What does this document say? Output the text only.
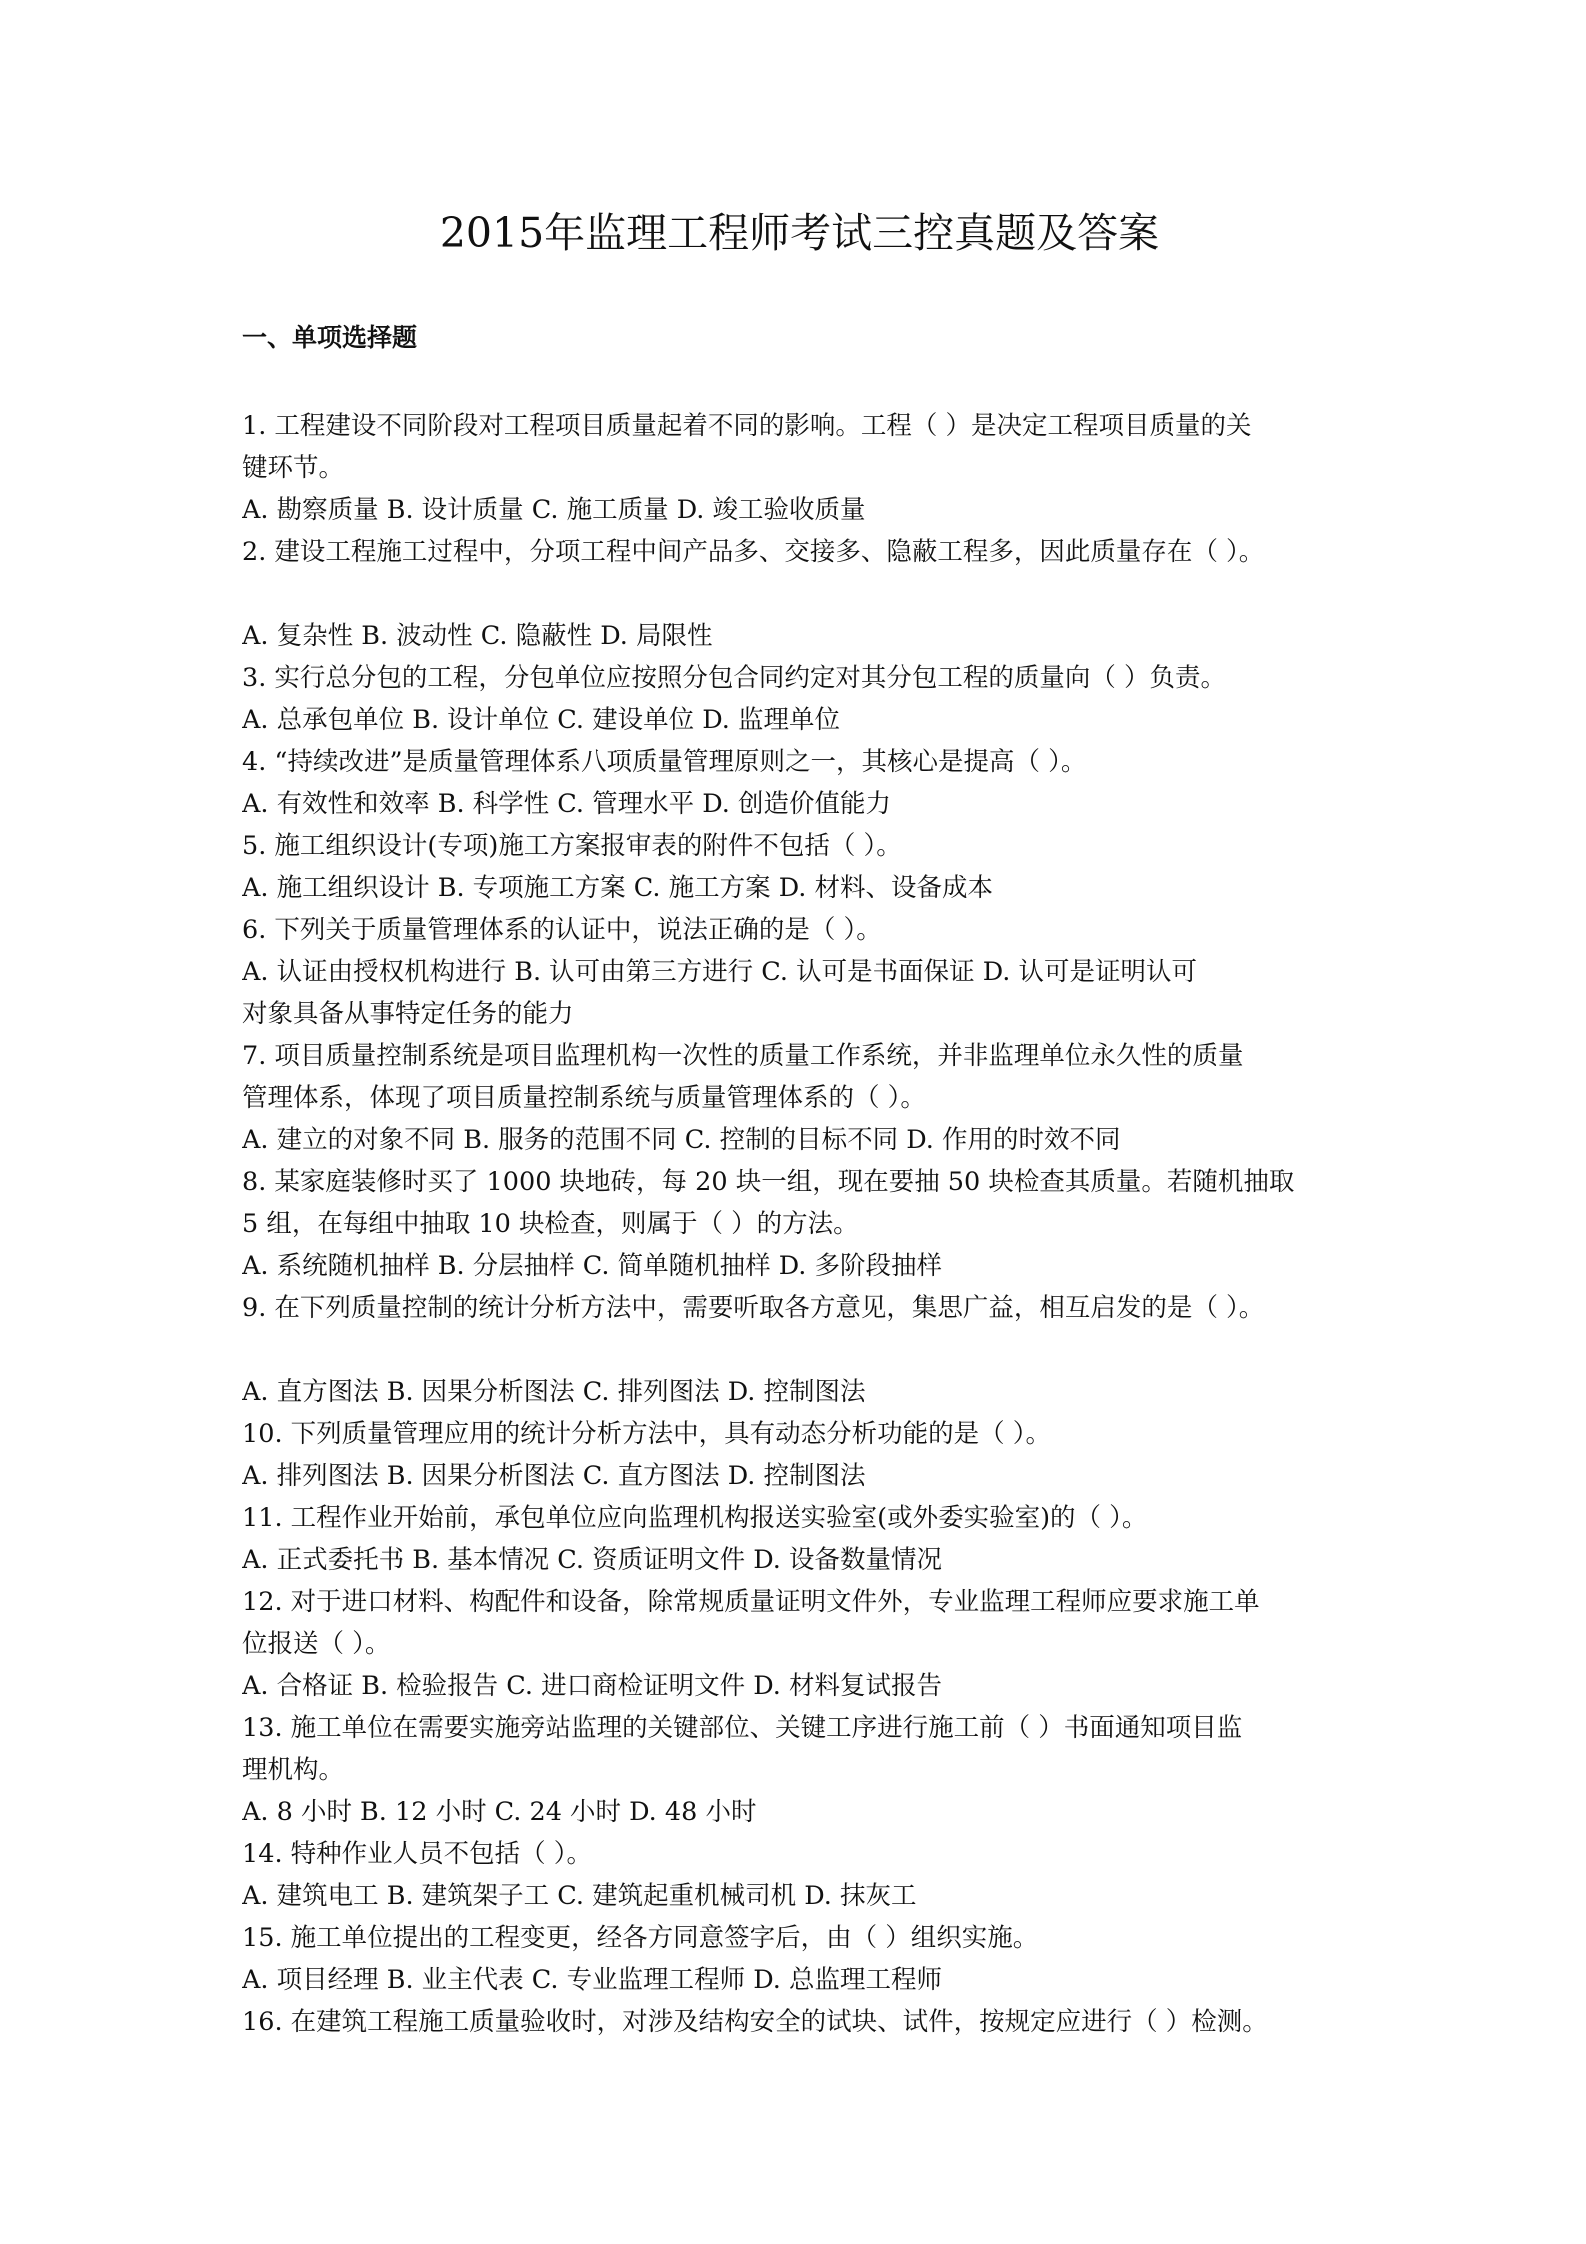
2015年监理工程师考试三控真题及答案
一、单项选择题
1. 工程建设不同阶段对工程项目质量起着不同的影响。工程（ ）是决定工程项目质量的关
键环节。
A. 勘察质量 B. 设计质量 C. 施工质量 D. 竣工验收质量
2. 建设工程施工过程中，分项工程中间产品多、交接多、隐蔽工程多，因此质量存在（ ）。
A. 复杂性 B. 波动性 C. 隐蔽性 D. 局限性
3. 实行总分包的工程，分包单位应按照分包合同约定对其分包工程的质量向（ ）负责。
A. 总承包单位 B. 设计单位 C. 建设单位 D. 监理单位
4. “持续改进”是质量管理体系八项质量管理原则之一，其核心是提高（ ）。
A. 有效性和效率 B. 科学性 C. 管理水平 D. 创造价值能力
5. 施工组织设计(专项)施工方案报审表的附件不包括（ ）。
A. 施工组织设计 B. 专项施工方案 C. 施工方案 D. 材料、设备成本
6. 下列关于质量管理体系的认证中，说法正确的是（ ）。
A. 认证由授权机构进行 B. 认可由第三方进行 C. 认可是书面保证 D. 认可是证明认可
对象具备从事特定任务的能力
7. 项目质量控制系统是项目监理机构一次性的质量工作系统，并非监理单位永久性的质量
管理体系，体现了项目质量控制系统与质量管理体系的（ ）。
A. 建立的对象不同 B. 服务的范围不同 C. 控制的目标不同 D. 作用的时效不同
8. 某家庭装修时买了 1000 块地砖，每 20 块一组，现在要抽 50 块检查其质量。若随机抽取
5 组，在每组中抽取 10 块检查，则属于（ ）的方法。
A. 系统随机抽样 B. 分层抽样 C. 简单随机抽样 D. 多阶段抽样
9. 在下列质量控制的统计分析方法中，需要听取各方意见，集思广益，相互启发的是（ ）。
A. 直方图法 B. 因果分析图法 C. 排列图法 D. 控制图法
10. 下列质量管理应用的统计分析方法中，具有动态分析功能的是（ ）。
A. 排列图法 B. 因果分析图法 C. 直方图法 D. 控制图法
11. 工程作业开始前，承包单位应向监理机构报送实验室(或外委实验室)的（ ）。
A. 正式委托书 B. 基本情况 C. 资质证明文件 D. 设备数量情况
12. 对于进口材料、构配件和设备，除常规质量证明文件外，专业监理工程师应要求施工单
位报送（ ）。
A. 合格证 B. 检验报告 C. 进口商检证明文件 D. 材料复试报告
13. 施工单位在需要实施旁站监理的关键部位、关键工序进行施工前（ ）书面通知项目监
理机构。
A. 8 小时 B. 12 小时 C. 24 小时 D. 48 小时
14. 特种作业人员不包括（ ）。
A. 建筑电工 B. 建筑架子工 C. 建筑起重机械司机 D. 抹灰工
15. 施工单位提出的工程变更，经各方同意签字后，由（ ）组织实施。
A. 项目经理 B. 业主代表 C. 专业监理工程师 D. 总监理工程师
16. 在建筑工程施工质量验收时，对涉及结构安全的试块、试件，按规定应进行（ ）检测。
